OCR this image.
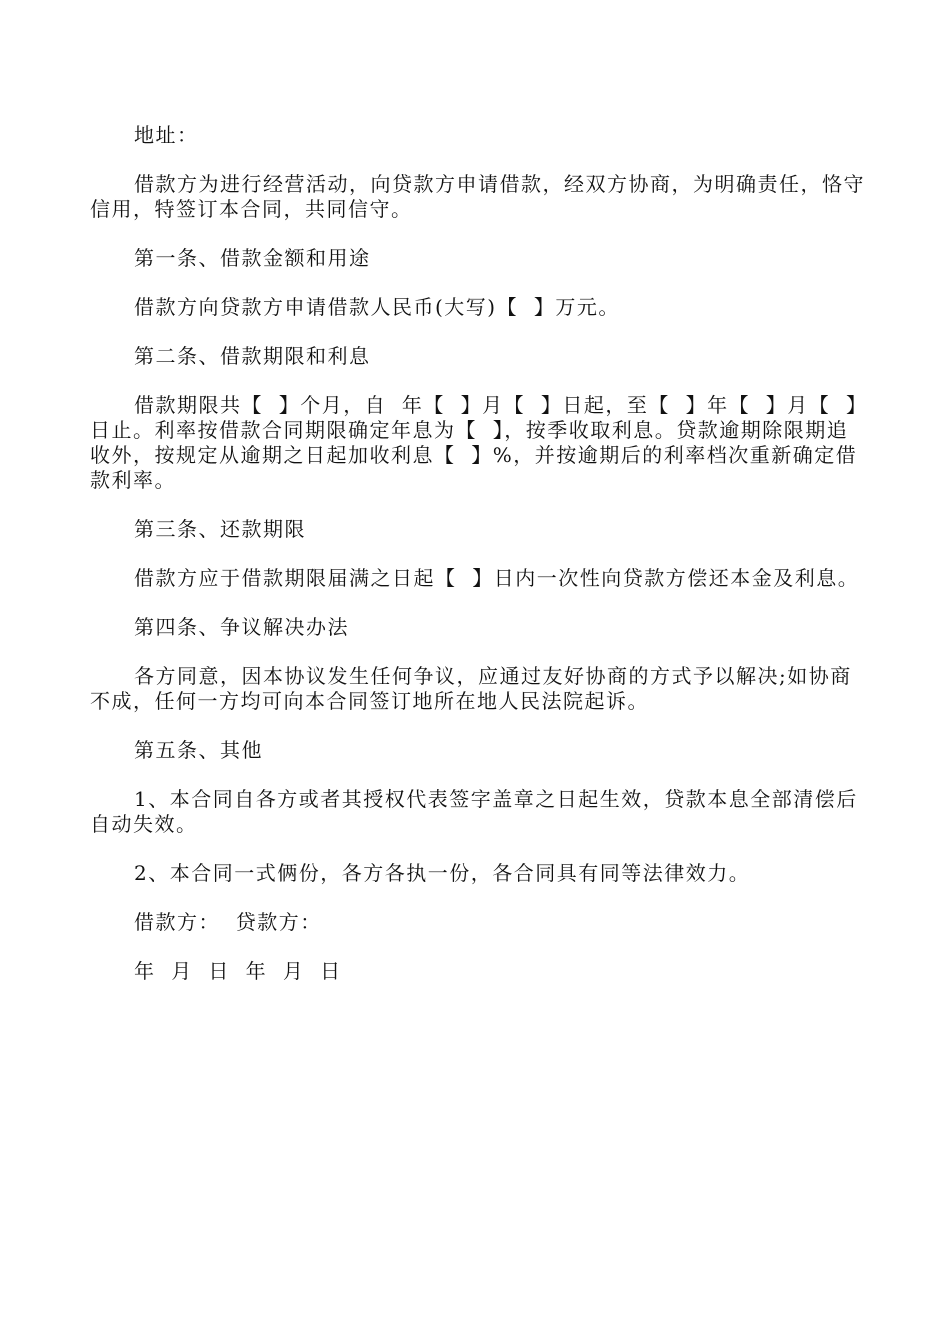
地址：

借款方为进行经营活动，向贷款方申请借款，经双方协商，为明确责任，恪守信用，特签订本合同，共同信守。

第一条、借款金额和用途

借款方向贷款方申请借款人民币(大写)【  】万元。

第二条、借款期限和利息

借款期限共【  】个月，自  年【  】月【  】日起，至【  】年【  】月【  】日止。利率按借款合同期限确定年息为【  】，按季收取利息。贷款逾期除限期追收外，按规定从逾期之日起加收利息【  】%，并按逾期后的利率档次重新确定借款利率。

第三条、还款期限

借款方应于借款期限届满之日起【  】日内一次性向贷款方偿还本金及利息。

第四条、争议解决办法

各方同意，因本协议发生任何争议，应通过友好协商的方式予以解决;如协商不成，任何一方均可向本合同签订地所在地人民法院起诉。

第五条、其他

1、本合同自各方或者其授权代表签字盖章之日起生效，贷款本息全部清偿后自动失效。

2、本合同一式俩份，各方各执一份，各合同具有同等法律效力。

借款方：  贷款方：

年  月  日  年  月  日
